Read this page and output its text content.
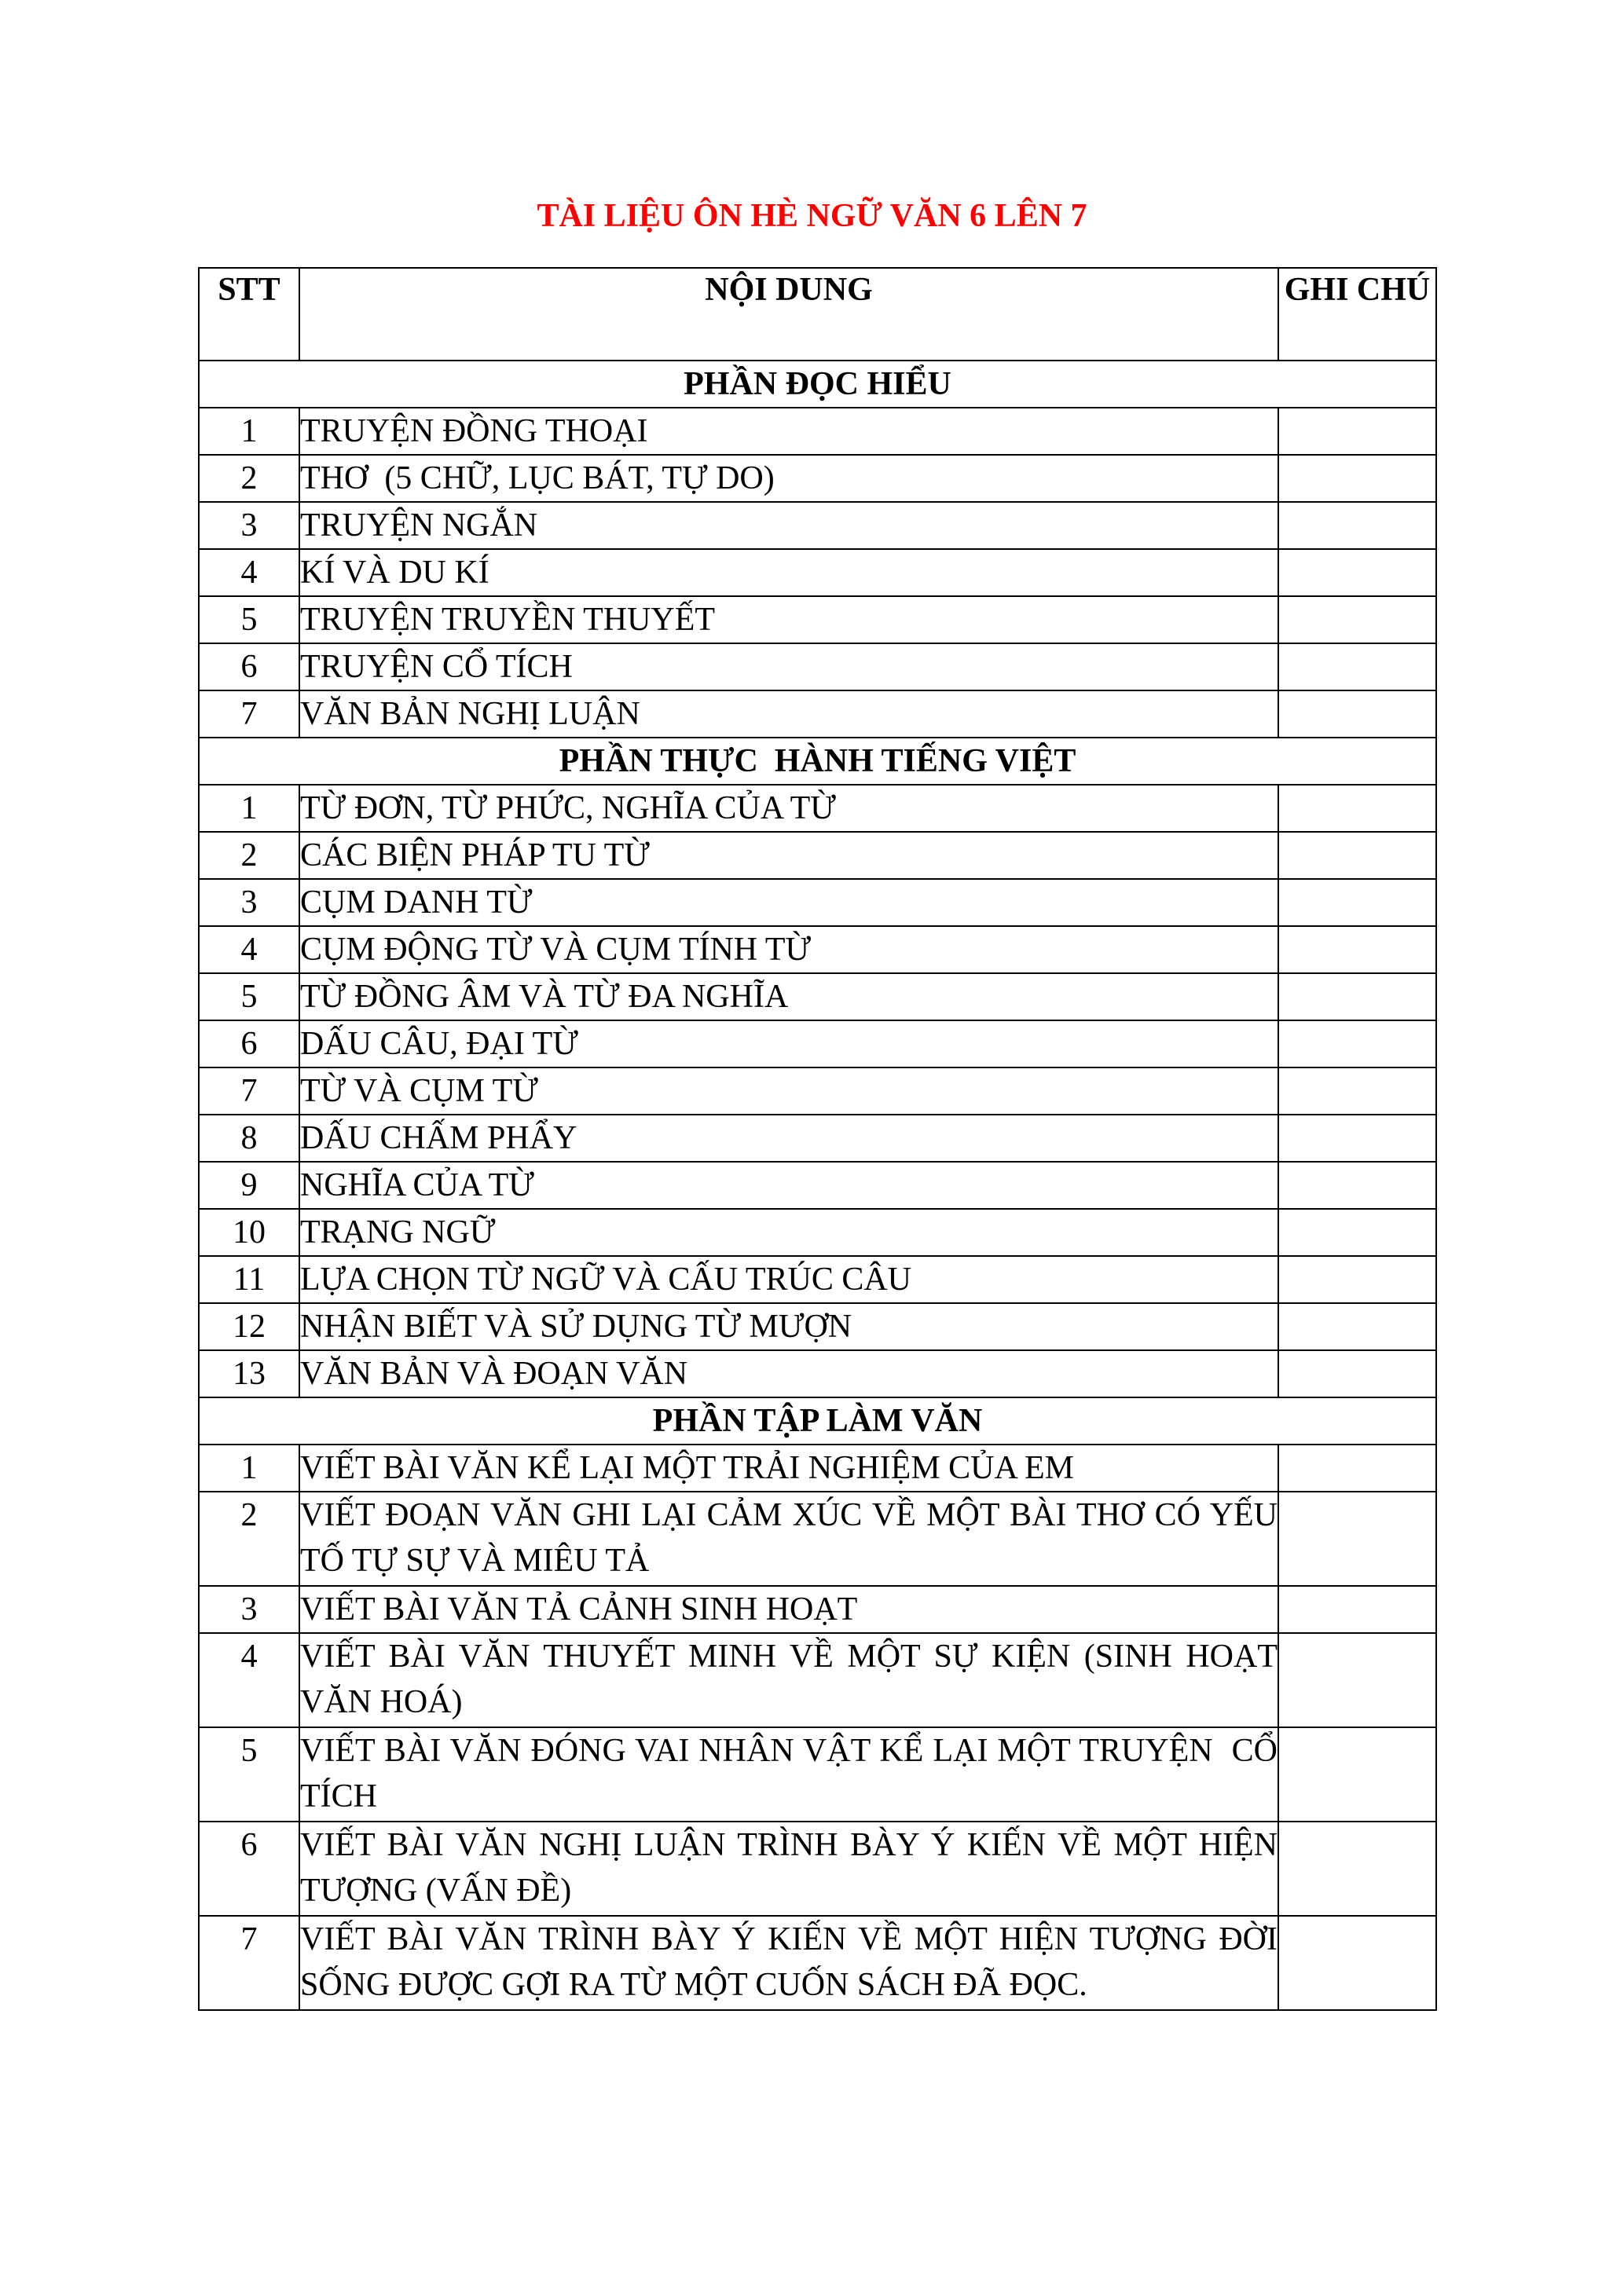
TÀI LIỆU ÔN HÈ NGỮ VĂN 6 LÊN 7
STT	NỘI DUNG	GHI CHÚ
PHẦN ĐỌC HIỂU		
1	TRUYỆN ĐỒNG THOẠI	
2	THƠ  (5 CHỮ, LỤC BÁT, TỰ DO)	
3	TRUYỆN NGẮN	
4	KÍ VÀ DU KÍ	
5	TRUYỆN TRUYỀN THUYẾT	
6	TRUYỆN CỔ TÍCH	
7	VĂN BẢN NGHỊ LUẬN	
PHẦN THỰC  HÀNH TIẾNG VIỆT		
1	TỪ ĐƠN, TỪ PHỨC, NGHĨA CỦA TỪ	
2	CÁC BIỆN PHÁP TU TỪ	
3	CỤM DANH TỪ	
4	CỤM ĐỘNG TỪ VÀ CỤM TÍNH TỪ	
5	TỪ ĐỒNG ÂM VÀ TỪ ĐA NGHĨA	
6	DẤU CÂU, ĐẠI TỪ	
7	TỪ VÀ CỤM TỪ	
8	DẤU CHẤM PHẨY	
9	NGHĨA CỦA TỪ	
10	TRẠNG NGỮ	
11	LỰA CHỌN TỪ NGỮ VÀ CẤU TRÚC CÂU	
12	NHẬN BIẾT VÀ SỬ DỤNG TỪ MƯỢN	
13	VĂN BẢN VÀ ĐOẠN VĂN	
PHẦN TẬP LÀM VĂN		
1	VIẾT BÀI VĂN KỂ LẠI MỘT TRẢI NGHIỆM CỦA EM	
2	VIẾT ĐOẠN VĂN GHI LẠI CẢM XÚC VỀ MỘT BÀI THƠ CÓ YẾU TỐ TỰ SỰ VÀ MIÊU TẢ	
3	VIẾT BÀI VĂN TẢ CẢNH SINH HOẠT	
4	VIẾT BÀI VĂN THUYẾT MINH VỀ MỘT SỰ KIỆN (SINH HOẠT VĂN HOÁ)	
5	VIẾT BÀI VĂN ĐÓNG VAI NHÂN VẬT KỂ LẠI MỘT TRUYỆN  CỔ TÍCH	
6	VIẾT BÀI VĂN NGHỊ LUẬN TRÌNH BÀY Ý KIẾN VỀ MỘT HIỆN TƯỢNG (VẤN ĐỀ)	
7	VIẾT BÀI VĂN TRÌNH BÀY Ý KIẾN VỀ MỘT HIỆN TƯỢNG ĐỜI SỐNG ĐƯỢC GỢI RA TỪ MỘT CUỐN SÁCH ĐÃ ĐỌC.	
